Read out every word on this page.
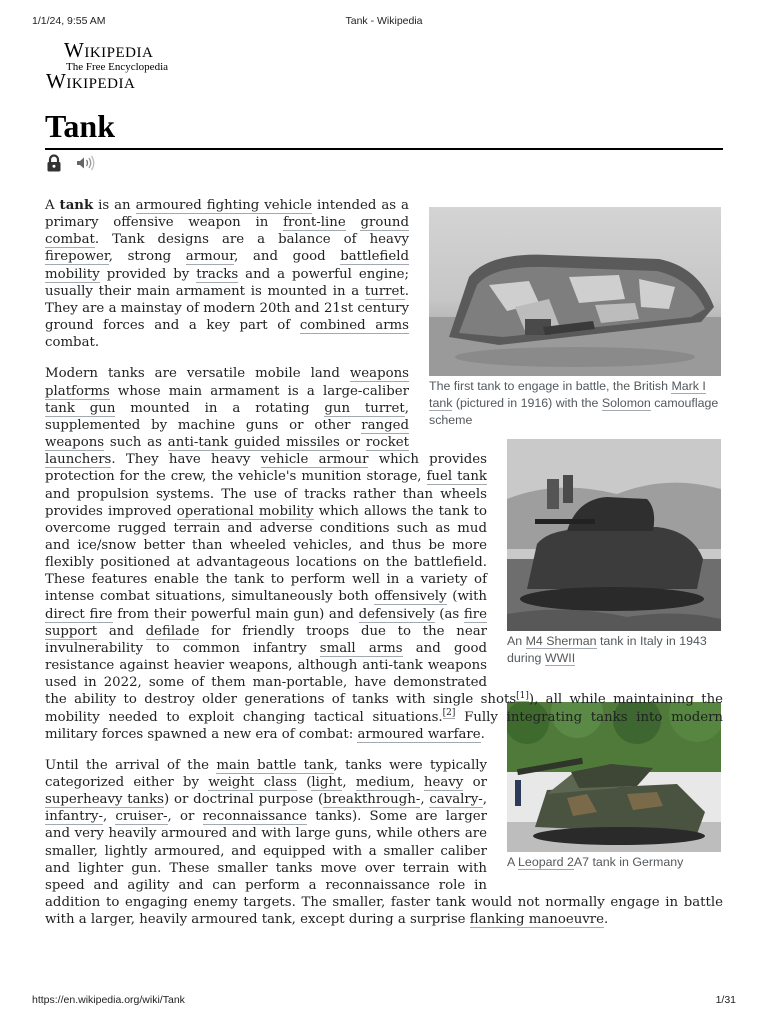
1/1/24, 9:55 AM	Tank - Wikipedia
Wikipedia
The Free Encyclopedia
Wikipedia
Tank

The first tank to engage in battle, the British Mark I tank (pictured in 1916) with the Solomon camouflage scheme

A tank is an armoured fighting vehicle intended as a primary offensive weapon in front-line ground combat. Tank designs are a balance of heavy firepower, strong armour, and good battlefield mobility provided by tracks and a powerful engine; usually their main armament is mounted in a turret. They are a mainstay of modern 20th and 21st century ground forces and a key part of combined arms combat.

An M4 Sherman tank in Italy in 1943 during WWII

Modern tanks are versatile mobile land weapons platforms whose main armament is a large-caliber tank gun mounted in a rotating gun turret, supplemented by machine guns or other ranged weapons such as anti-tank guided missiles or rocket launchers. They have heavy vehicle armour which provides protection for the crew, the vehicle's munition storage, fuel tank and propulsion systems. The use of tracks rather than wheels provides improved operational mobility which allows the tank to overcome rugged terrain and adverse conditions such as mud and ice/snow better than wheeled vehicles, and thus be more flexibly positioned at advantageous locations on the battlefield. These features enable the tank to perform well in a variety of intense combat situations, simultaneously both offensively (with direct fire from their powerful main gun) and defensively (as fire support and defilade for friendly troops due to the near invulnerability to common infantry small arms and good resistance against heavier weapons, although anti-tank weapons used in 2022, some of them man-portable, have demonstrated the ability to destroy older generations of tanks with single shots[1]), all while maintaining the mobility needed to exploit changing tactical situations.[2] Fully integrating tanks into modern military forces spawned a new era of combat: armoured warfare.

A Leopard 2A7 tank in Germany

Until the arrival of the main battle tank, tanks were typically categorized either by weight class (light, medium, heavy or superheavy tanks) or doctrinal purpose (breakthrough-, cavalry-, infantry-, cruiser-, or reconnaissance tanks). Some are larger and very heavily armoured and with large guns, while others are smaller, lightly armoured, and equipped with a smaller caliber and lighter gun. These smaller tanks move over terrain with speed and agility and can perform a reconnaissance role in addition to engaging enemy targets. The smaller, faster tank would not normally engage in battle with a larger, heavily armoured tank, except during a surprise flanking manoeuvre.

https://en.wikipedia.org/wiki/Tank	1/31
